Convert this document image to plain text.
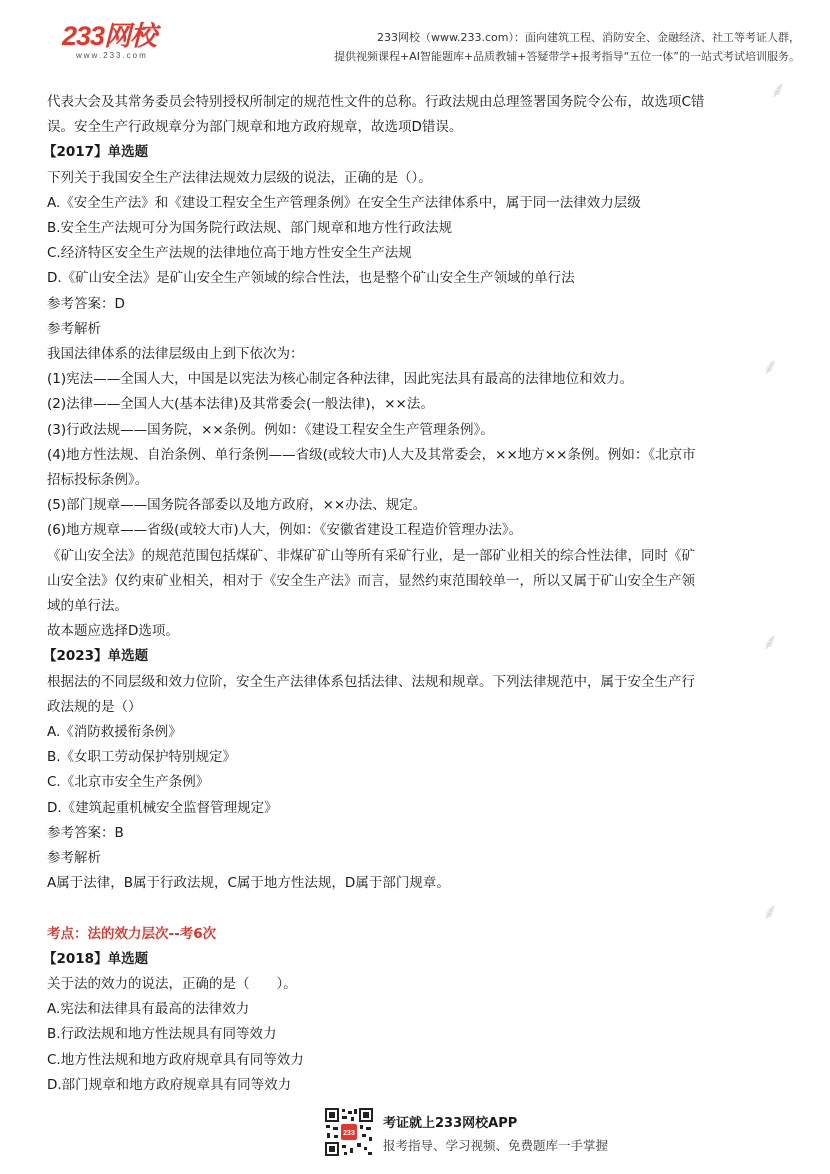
233网校
www.233.com
233网校（www.233.com）：面向建筑工程、消防安全、金融经济、社工等考证人群，
提供视频课程+AI智能题库+品质教辅+答疑带学+报考指导“五位一体”的一站式考试培训服务。
⸙
⸙
⸙
⸙

代表大会及其常务委员会特别授权所制定的规范性文件的总称。行政法规由总理签署国务院令公布，故选项C错

误。安全生产行政规章分为部门规章和地方政府规章，故选项D错误。

【2017】单选题

下列关于我国安全生产法律法规效力层级的说法，正确的是（）。

A.《安全生产法》和《建设工程安全生产管理条例》在安全生产法律体系中，属于同一法律效力层级

B.安全生产法规可分为国务院行政法规、部门规章和地方性行政法规

C.经济特区安全生产法规的法律地位高于地方性安全生产法规

D.《矿山安全法》是矿山安全生产领域的综合性法，也是整个矿山安全生产领域的单行法

参考答案：D

参考解析

我国法律体系的法律层级由上到下依次为：

(1)宪法——全国人大，中国是以宪法为核心制定各种法律，因此宪法具有最高的法律地位和效力。

(2)法律——全国人大(基本法律)及其常委会(一般法律)，××法。

(3)行政法规——国务院，××条例。例如：《建设工程安全生产管理条例》。

(4)地方性法规、自治条例、单行条例——省级(或较大市)人大及其常委会，××地方××条例。例如：《北京市

招标投标条例》。

(5)部门规章——国务院各部委以及地方政府，××办法、规定。

(6)地方规章——省级(或较大市)人大，例如：《安徽省建设工程造价管理办法》。

《矿山安全法》的规范范围包括煤矿、非煤矿矿山等所有采矿行业，是一部矿业相关的综合性法律，同时《矿

山安全法》仅约束矿业相关，相对于《安全生产法》而言，显然约束范围较单一，所以又属于矿山安全生产领

域的单行法。

故本题应选择D选项。

【2023】单选题

根据法的不同层级和效力位阶，安全生产法律体系包括法律、法规和规章。下列法律规范中，属于安全生产行

政法规的是（）

A.《消防救援衔条例》

B.《女职工劳动保护特别规定》

C.《北京市安全生产条例》

D.《建筑起重机械安全监督管理规定》

参考答案：B

参考解析

A属于法律，B属于行政法规，C属于地方性法规，D属于部门规章。

考点：法的效力层次--考6次

【2018】单选题

关于法的效力的说法，正确的是（　　）。

A.宪法和法律具有最高的法律效力

B.行政法规和地方性法规具有同等效力

C.地方性法规和地方政府规章具有同等效力

D.部门规章和地方政府规章具有同等效力

233
考证就上233网校APP
报考指导、学习视频、免费题库一手掌握
